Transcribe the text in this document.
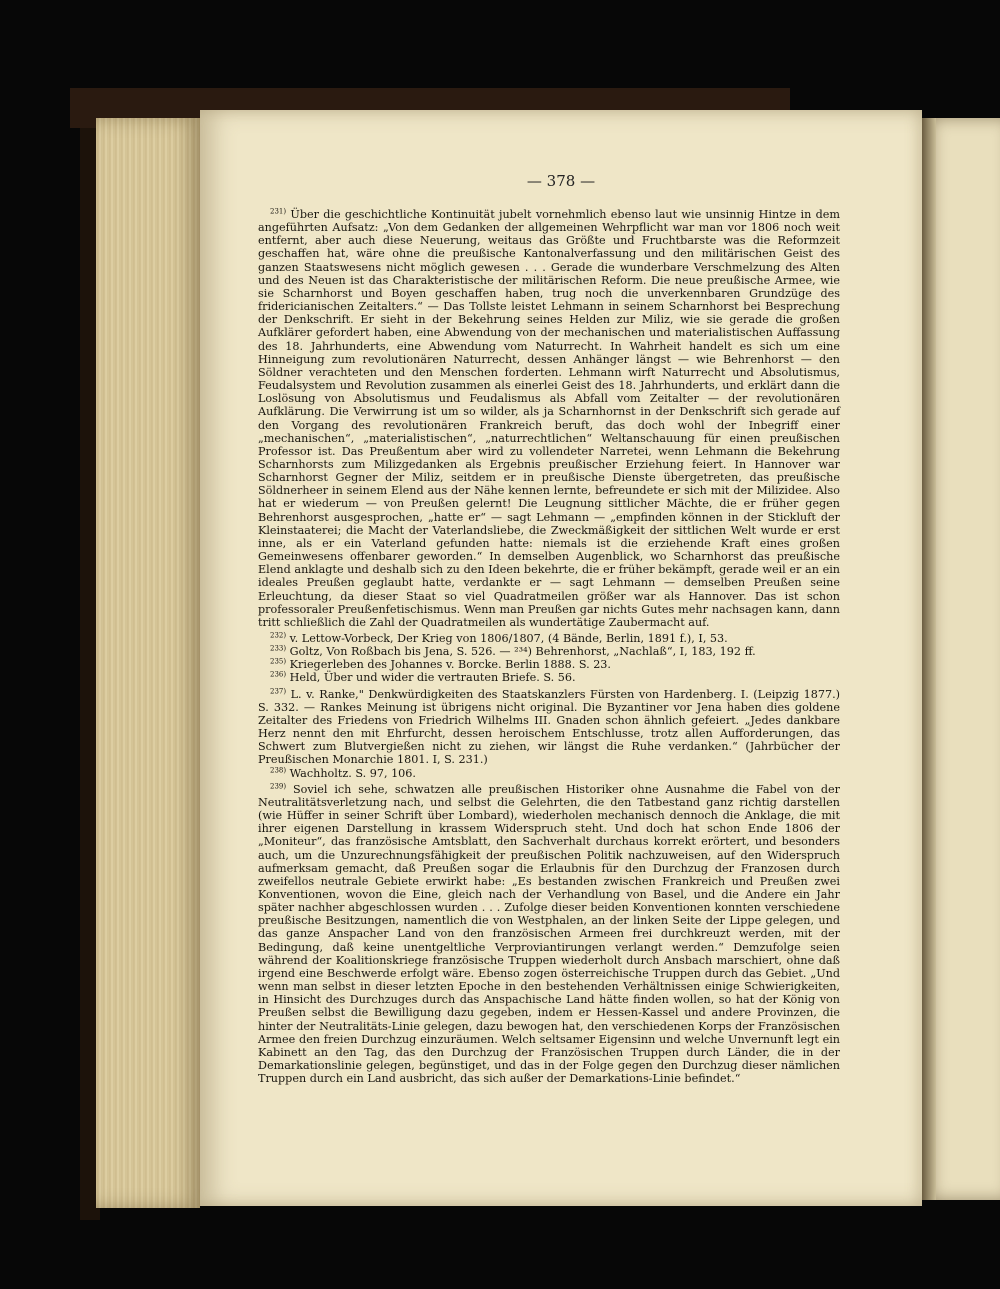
— 378 —

$^{231)}$ Über die geschichtliche Kontinuität jubelt vornehmlich ebenso laut wie unsinnig Hintze in dem angeführten Aufsatz: „Von dem Gedanken der allgemeinen Wehrpflicht war man vor 1806 noch weit entfernt, aber auch diese Neuerung, weitaus das Größte und Fruchtbarste was die Reformzeit geschaffen hat, wäre ohne die preußische Kantonalverfassung und den militärischen Geist des ganzen Staatswesens nicht möglich gewesen . . . Gerade die wunderbare Verschmelzung des Alten und des Neuen ist das Charakteristische der militärischen Reform. Die neue preußische Armee, wie sie Scharnhorst und Boyen geschaffen haben, trug noch die unverkennbaren Grundzüge des fridericianischen Zeitalters.“ — Das Tollste leistet Lehmann in seinem Scharnhorst bei Besprechung der Denkschrift. Er sieht in der Bekehrung seines Helden zur Miliz, wie sie gerade die großen Aufklärer gefordert haben, eine Abwendung von der mechanischen und materialistischen Auffassung des 18. Jahrhunderts, eine Abwendung vom Naturrecht. In Wahrheit handelt es sich um eine Hinneigung zum revolutionären Naturrecht, dessen Anhänger längst — wie Behrenhorst — den Söldner verachteten und den Menschen forderten. Lehmann wirft Naturrecht und Absolutismus, Feudalsystem und Revolution zusammen als einerlei Geist des 18. Jahrhunderts, und erklärt dann die Loslösung von Absolutismus und Feudalismus als Abfall vom Zeitalter — der revolutionären Aufklärung. Die Verwirrung ist um so wilder, als ja Scharnhornst in der Denkschrift sich gerade auf den Vorgang des revolutionären Frankreich beruft, das doch wohl der Inbegriff einer „mechanischen“, „materialistischen“, „naturrechtlichen“ Weltanschauung für einen preußischen Professor ist. Das Preußentum aber wird zu vollendeter Narretei, wenn Lehmann die Bekehrung Scharnhorsts zum Milizgedanken als Ergebnis preußischer Erziehung feiert. In Hannover war Scharnhorst Gegner der Miliz, seitdem er in preußische Dienste übergetreten, das preußische Söldnerheer in seinem Elend aus der Nähe kennen lernte, befreundete er sich mit der Milizidee. Also hat er wiederum — von Preußen gelernt! Die Leugnung sittlicher Mächte, die er früher gegen Behrenhorst ausgesprochen, „hatte er“ — sagt Lehmann — „empfinden können in der Stickluft der Kleinstaaterei; die Macht der Vaterlandsliebe, die Zweckmäßigkeit der sittlichen Welt wurde er erst inne, als er ein Vaterland gefunden hatte: niemals ist die erziehende Kraft eines großen Gemeinwesens offenbarer geworden.“ In demselben Augenblick, wo Scharnhorst das preußische Elend anklagte und deshalb sich zu den Ideen bekehrte, die er früher bekämpft, gerade weil er an ein ideales Preußen geglaubt hatte, verdankte er — sagt Lehmann — demselben Preußen seine Erleuchtung, da dieser Staat so viel Quadratmeilen größer war als Hannover. Das ist schon professoraler Preußenfetischismus. Wenn man Preußen gar nichts Gutes mehr nachsagen kann, dann tritt schließlich die Zahl der Quadratmeilen als wundertätige Zaubermacht auf.

$^{232)}$ v. Lettow-Vorbeck, Der Krieg von 1806/1807, (4 Bände, Berlin, 1891 f.), I, 53.

$^{233)}$ Goltz, Von Roßbach bis Jena, S. 526. — ²³⁴) Behrenhorst, „Nachlaß“, I, 183, 192 ff.

$^{235)}$ Kriegerleben des Johannes v. Borcke. Berlin 1888. S. 23.

$^{236)}$ Held, Über und wider die vertrauten Briefe. S. 56.

$^{237)}$ L. v. Ranke," Denkwürdigkeiten des Staatskanzlers Fürsten von Hardenberg. I. (Leipzig 1877.) S. 332. — Rankes Meinung ist übrigens nicht original. Die Byzantiner vor Jena haben dies goldene Zeitalter des Friedens von Friedrich Wilhelms III. Gnaden schon ähnlich gefeiert. „Jedes dankbare Herz nennt den mit Ehrfurcht, dessen heroischem Entschlusse, trotz allen Aufforderungen, das Schwert zum Blutvergießen nicht zu ziehen, wir längst die Ruhe verdanken.“ (Jahrbücher der Preußischen Monarchie 1801. I, S. 231.)

$^{238)}$ Wachholtz. S. 97, 106.

$^{239)}$ Soviel ich sehe, schwatzen alle preußischen Historiker ohne Ausnahme die Fabel von der Neutralitätsverletzung nach, und selbst die Gelehrten, die den Tatbestand ganz richtig darstellen (wie Hüffer in seiner Schrift über Lombard), wiederholen mechanisch dennoch die Anklage, die mit ihrer eigenen Darstellung in krassem Widerspruch steht. Und doch hat schon Ende 1806 der „Moniteur“, das französische Amtsblatt, den Sachverhalt durchaus korrekt erörtert, und besonders auch, um die Unzurechnungsfähigkeit der preußischen Politik nachzuweisen, auf den Widerspruch aufmerksam gemacht, daß Preußen sogar die Erlaubnis für den Durchzug der Franzosen durch zweifellos neutrale Gebiete erwirkt habe: „Es bestanden zwischen Frankreich und Preußen zwei Konventionen, wovon die Eine, gleich nach der Verhandlung von Basel, und die Andere ein Jahr später nachher abgeschlossen wurden . . . Zufolge dieser beiden Konventionen konnten verschiedene preußische Besitzungen, namentlich die von Westphalen, an der linken Seite der Lippe gelegen, und das ganze Anspacher Land von den französischen Armeen frei durchkreuzt werden, mit der Bedingung, daß keine unentgeltliche Verproviantirungen verlangt werden.“ Demzufolge seien während der Koalitionskriege französische Truppen wiederholt durch Ansbach marschiert, ohne daß irgend eine Beschwerde erfolgt wäre. Ebenso zogen österreichische Truppen durch das Gebiet. „Und wenn man selbst in dieser letzten Epoche in den bestehenden Verhältnissen einige Schwierigkeiten, in Hinsicht des Durchzuges durch das Anspachische Land hätte finden wollen, so hat der König von Preußen selbst die Bewilligung dazu gegeben, indem er Hessen-Kassel und andere Provinzen, die hinter der Neutralitäts-Linie gelegen, dazu bewogen hat, den verschiedenen Korps der Französischen Armee den freien Durchzug einzuräumen. Welch seltsamer Eigensinn und welche Unvernunft legt ein Kabinett an den Tag, das den Durchzug der Französischen Truppen durch Länder, die in der Demarkationslinie gelegen, begünstiget, und das in der Folge gegen den Durchzug dieser nämlichen Truppen durch ein Land ausbricht, das sich außer der Demarkations-Linie befindet.“
